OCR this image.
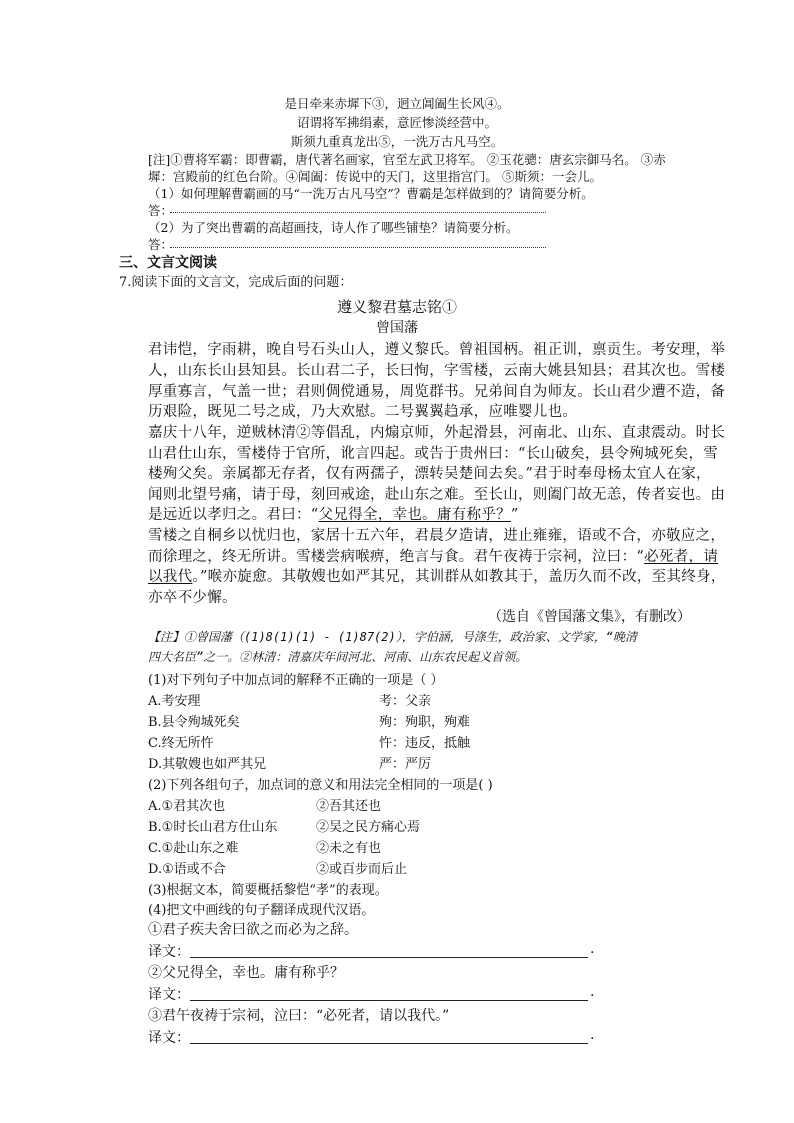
是日牵来赤墀下③，迥立阊阖生长风④。
诏谓将军拂绢素，意匠惨淡经营中。
斯须九重真龙出⑤，一洗万古凡马空。
[注]①曹将军霸：即曹霸，唐代著名画家，官至左武卫将军。 ②玉花骢：唐玄宗御马名。 ③赤
墀：宫殿前的红色台阶。④阊阖：传说中的天门，这里指宫门。 ⑤斯须：一会儿。
（1）如何理解曹霸画的马“一洗万古凡马空”？曹霸是怎样做到的？请简要分析。
答：
（2）为了突出曹霸的高超画技，诗人作了哪些铺垫？请简要分析。
答：
三、文言文阅读
7.阅读下面的文言文，完成后面的问题：
遵义黎君墓志铭①
曾国藩
君讳恺，字雨耕，晚自号石头山人，遵义黎氏。曾祖国柄。祖正训，禀贡生。考安理，举
人，山东长山县知县。长山君二子，长曰恂，字雪楼，云南大姚县知县；君其次也。雪楼
厚重寡言，气盖一世；君则倜傥通易，周览群书。兄弟间自为师友。长山君少遭不造，备
历艰险，既见二号之成，乃大欢慰。二号翼翼趋承，应唯婴儿也。
嘉庆十八年，逆贼林清②等倡乱，内煽京师，外起滑县，河南北、山东、直隶震动。时长
山君仕山东，雪楼侍于官所，讹言四起。或告于贵州曰：“长山破矣，县令殉城死矣，雪
楼殉父矣。亲属都无存者，仅有两孺子，漂转吴楚间去矣。”君于时奉母杨太宜人在家，
闻则北望号痛，请于母，刻回戒途，赴山东之难。至长山，则阖门故无恙，传者妄也。由
是远近以孝归之。君曰：“父兄得全，幸也。庸有称乎？”
雪楼之自桐乡以忧归也，家居十五六年，君晨夕造请，进止雍雍，语或不合，亦敬应之，
而徐理之，终无所讲。雪楼尝病喉痹，绝言与食。君午夜祷于宗祠，泣曰：“必死者，请
以我代。”喉亦旋愈。其敬嫂也如严其兄，其训群从如教其于，盖历久而不改，至其终身，
亦卒不少懈。
（选自《曾国藩文集》，有删改）
【注】①曾国藩（(1)8(1)(1) - (1)87(2)），字伯涵，号涤生，政治家、文学家，“晚清
四大名臣”之一。②林清：清嘉庆年间河北、河南、山东农民起义首领。
(1)对下列句子中加点词的解释不正确的一项是（ ）
A.考安理	考：父亲
B.县令殉城死矣	殉：殉职，殉难
C.终无所忤	忤：违反，抵触
D.其敬嫂也如严其兄	严：严厉
(2)下列各组句子，加点词的意义和用法完全相同的一项是( )
A.①君其次也	②吾其还也
B.①时长山君方仕山东	②吴之民方痛心焉
C.①赴山东之难	②未之有也
D.①语或不合	②或百步而后止
(3)根据文本，简要概括黎恺“孝”的表现。
(4)把文中画线的句子翻译成现代汉语。
①君子疾夫舍曰欲之而必为之辞。
译文：	.
②父兄得全，幸也。庸有称乎？
译文：	.
③君午夜祷于宗祠，泣曰：“必死者，请以我代。”
译文：	.
